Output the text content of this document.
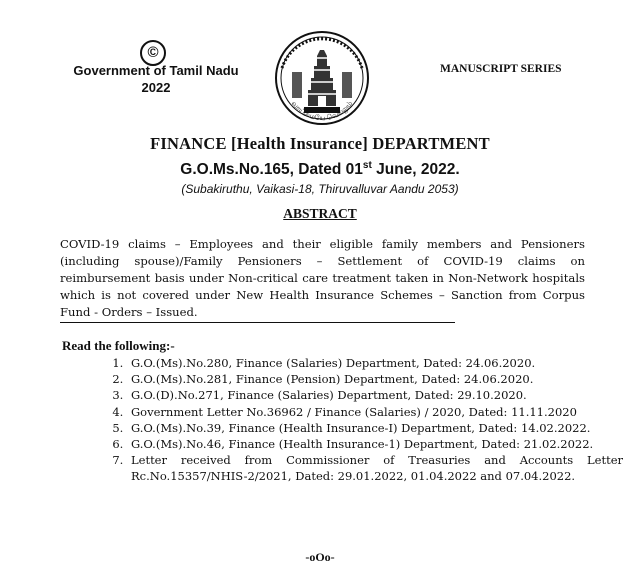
©
Government of Tamil Nadu
2022
வாய்மையே வெல்லும்
MANUSCRIPT SERIES
FINANCE [Health Insurance] DEPARTMENT
G.O.Ms.No.165, Dated 01st June, 2022.
(Subakiruthu, Vaikasi-18, Thiruvalluvar Aandu 2053)
ABSTRACT
COVID-19 claims – Employees and their eligible family members and Pensioners (including spouse)/Family Pensioners – Settlement of COVID-19 claims on reimbursement basis under Non-critical care treatment taken in Non-Network hospitals which is not covered under New Health Insurance Schemes – Sanction from Corpus Fund - Orders – Issued.
Read the following:-
1. G.O.(Ms).No.280, Finance (Salaries) Department, Dated: 24.06.2020.
2. G.O.(Ms).No.281, Finance (Pension) Department, Dated: 24.06.2020.
3. G.O.(D).No.271, Finance (Salaries) Department, Dated: 29.10.2020.
4. Government Letter No.36962 / Finance (Salaries) / 2020, Dated: 11.11.2020
5. G.O.(Ms).No.39, Finance (Health Insurance-I) Department, Dated: 14.02.2022.
6. G.O.(Ms).No.46, Finance (Health Insurance-1) Department, Dated: 21.02.2022.
7. Letter received from Commissioner of Treasuries and Accounts Letter Rc.No.15357/NHIS-2/2021, Dated: 29.01.2022, 01.04.2022 and 07.04.2022.
-oOo-
